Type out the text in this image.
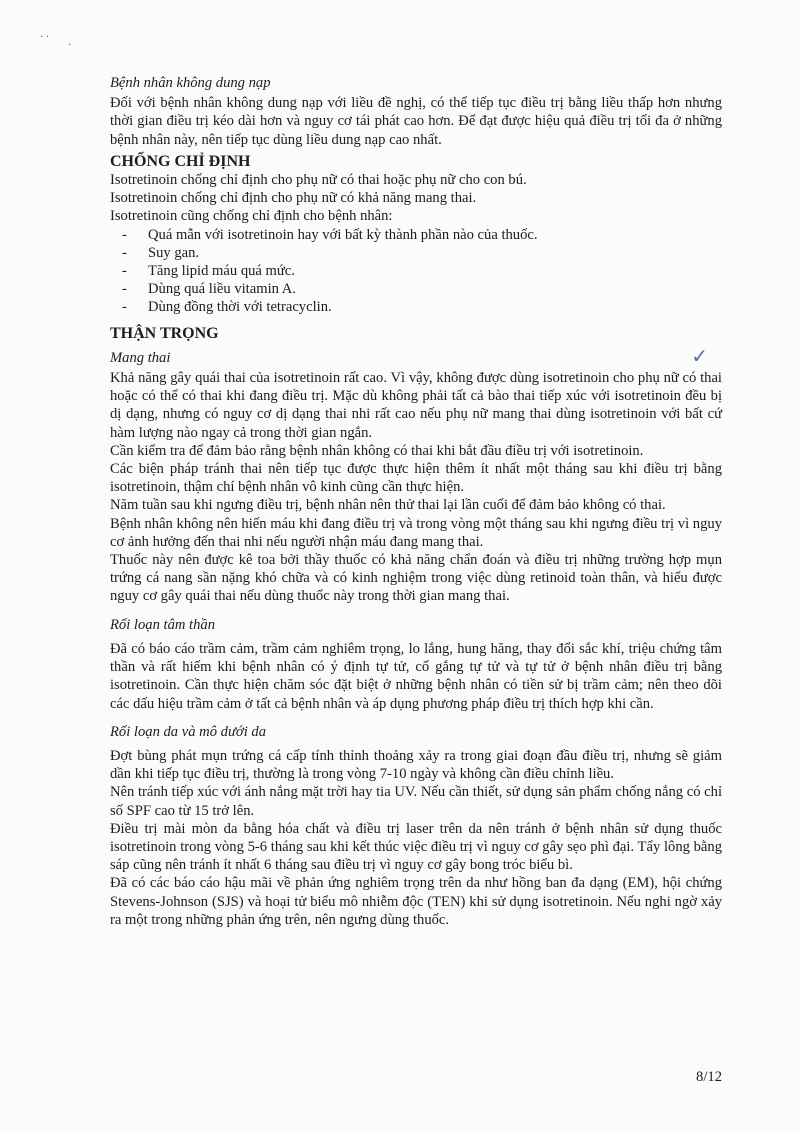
· ·
·
✓
Bệnh nhân không dung nạp

Đối với bệnh nhân không dung nạp với liều đề nghị, có thể tiếp tục điều trị bằng liều thấp hơn nhưng thời gian điều trị kéo dài hơn và nguy cơ tái phát cao hơn. Để đạt được hiệu quả điều trị tối đa ở những bệnh nhân này, nên tiếp tục dùng liều dung nạp cao nhất.

CHỐNG CHỈ ĐỊNH

Isotretinoin chống chỉ định cho phụ nữ có thai hoặc phụ nữ cho con bú.

Isotretinoin chống chỉ định cho phụ nữ có khả năng mang thai.

Isotretinoin cũng chống chỉ định cho bệnh nhân:

- Quá mẫn với isotretinoin hay với bất kỳ thành phần nào của thuốc.
- Suy gan.
- Tăng lipid máu quá mức.
- Dùng quá liều vitamin A.
- Dùng đồng thời với tetracyclin.
THẬN TRỌNG
Mang thai

Khả năng gây quái thai của isotretinoin rất cao. Vì vậy, không được dùng isotretinoin cho phụ nữ có thai hoặc có thể có thai khi đang điều trị. Mặc dù không phải tất cả bào thai tiếp xúc với isotretinoin đều bị dị dạng, nhưng có nguy cơ dị dạng thai nhi rất cao nếu phụ nữ mang thai dùng isotretinoin với bất cứ hàm lượng nào ngay cả trong thời gian ngắn.

Cần kiểm tra để đảm bảo rằng bệnh nhân không có thai khi bắt đầu điều trị với isotretinoin.

Các biện pháp tránh thai nên tiếp tục được thực hiện thêm ít nhất một tháng sau khi điều trị bằng isotretinoin, thậm chí bệnh nhân vô kinh cũng cần thực hiện.

Năm tuần sau khi ngưng điều trị, bệnh nhân nên thử thai lại lần cuối để đảm bảo không có thai.

Bệnh nhân không nên hiến máu khi đang điều trị và trong vòng một tháng sau khi ngưng điều trị vì nguy cơ ảnh hưởng đến thai nhi nếu người nhận máu đang mang thai.

Thuốc này nên được kê toa bởi thầy thuốc có khả năng chẩn đoán và điều trị những trường hợp mụn trứng cá nang sần nặng khó chữa và có kinh nghiệm trong việc dùng retinoid toàn thân, và hiểu được nguy cơ gây quái thai nếu dùng thuốc này trong thời gian mang thai.

Rối loạn tâm thần

Đã có báo cáo trầm cảm, trầm cảm nghiêm trọng, lo lắng, hung hăng, thay đổi sắc khí, triệu chứng tâm thần và rất hiếm khi bệnh nhân có ý định tự tử, cố gắng tự tử và tự tử ở bệnh nhân điều trị bằng isotretinoin. Cần thực hiện chăm sóc đặt biệt ở những bệnh nhân có tiền sử bị trầm cảm; nên theo dõi các dấu hiệu trầm cảm ở tất cả bệnh nhân và áp dụng phương pháp điều trị thích hợp khi cần.

Rối loạn da và mô dưới da

Đợt bùng phát mụn trứng cá cấp tính thỉnh thoảng xảy ra trong giai đoạn đầu điều trị, nhưng sẽ giảm dần khi tiếp tục điều trị, thường là trong vòng 7-10 ngày và không cần điều chỉnh liều.

Nên tránh tiếp xúc với ánh nắng mặt trời hay tia UV. Nếu cần thiết, sử dụng sản phẩm chống nắng có chỉ số SPF cao từ 15 trở lên.

Điều trị mài mòn da bằng hóa chất và điều trị laser trên da nên tránh ở bệnh nhân sử dụng thuốc isotretinoin trong vòng 5-6 tháng sau khi kết thúc việc điều trị vì nguy cơ gây sẹo phì đại. Tẩy lông bằng sáp cũng nên tránh ít nhất 6 tháng sau điều trị vì nguy cơ gây bong tróc biểu bì.

Đã có các báo cáo hậu mãi về phản ứng nghiêm trọng trên da như hồng ban đa dạng (EM), hội chứng Stevens-Johnson (SJS) và hoại tử biểu mô nhiễm độc (TEN) khi sử dụng isotretinoin. Nếu nghi ngờ xảy ra một trong những phản ứng trên, nên ngưng dùng thuốc.

8/12
